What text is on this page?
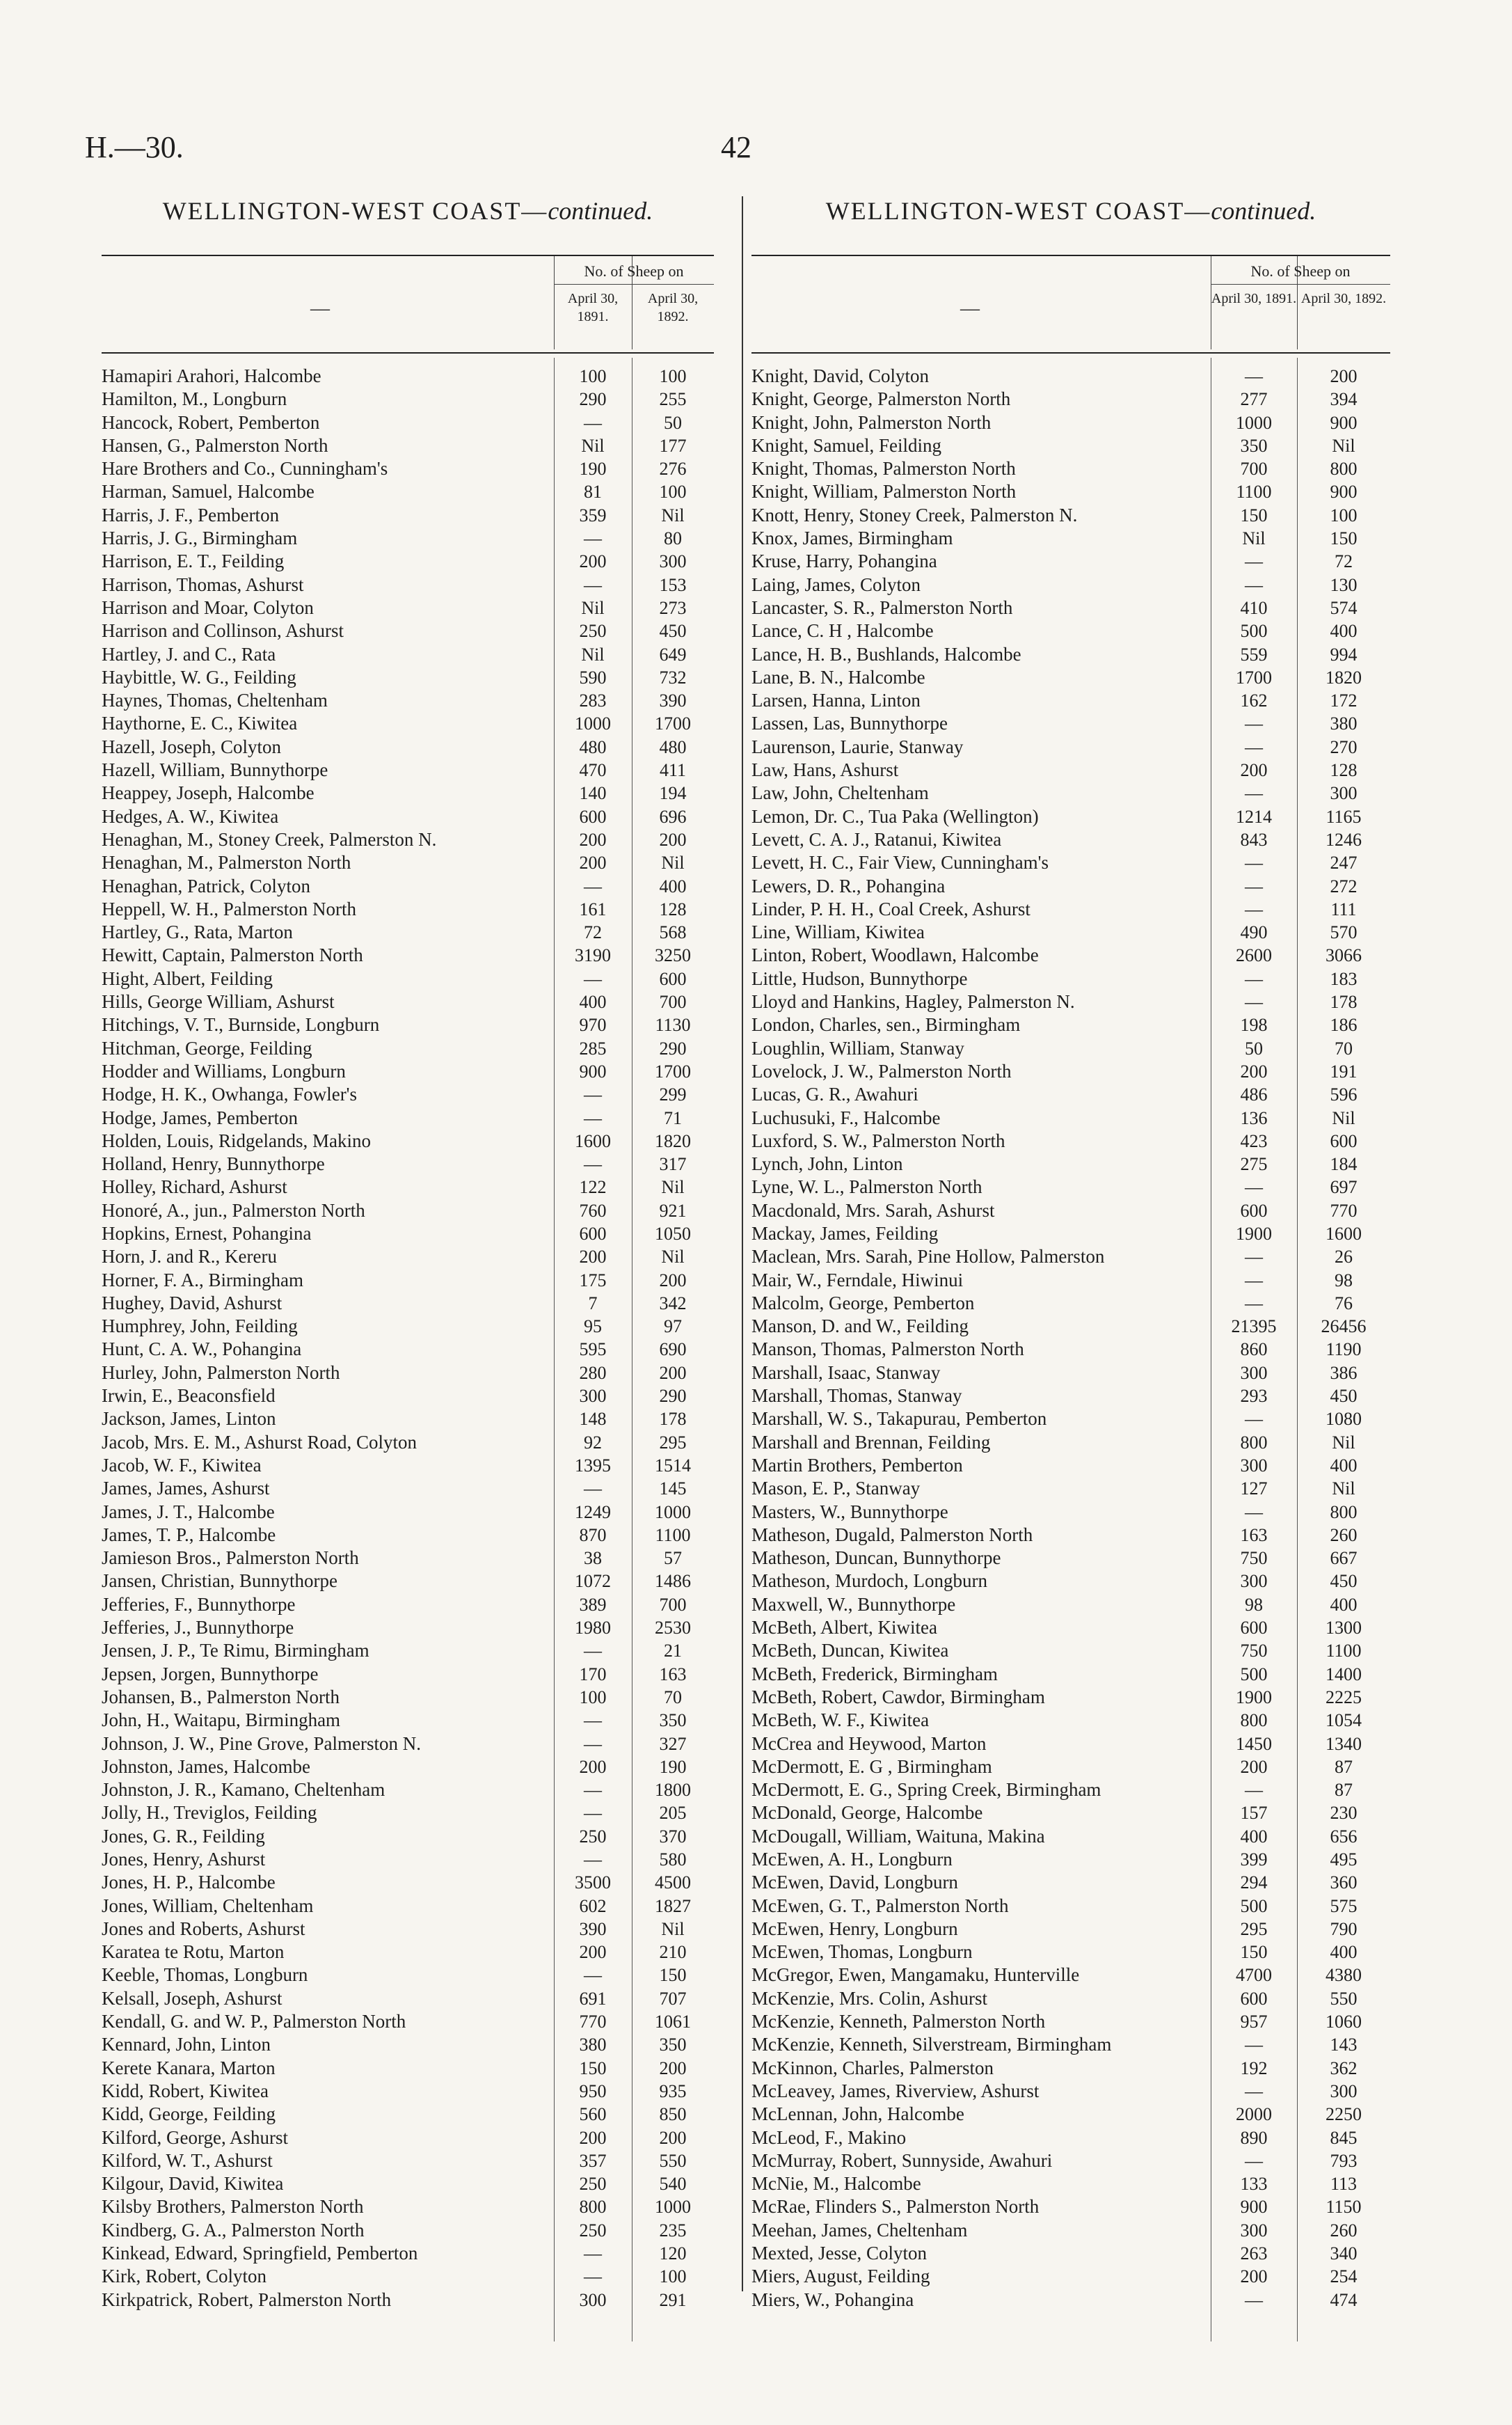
H.—30.	42
WELLINGTON-WEST COAST—continued.
—
No. of Sheep on
April 30, 1891.
April 30, 1892.
Hamapiri Arahori, Halcombe	100	100
Hamilton, M., Longburn	290	255
Hancock, Robert, Pemberton	—	50
Hansen, G., Palmerston North	Nil	177
Hare Brothers and Co., Cunningham's	190	276
Harman, Samuel, Halcombe	81	100
Harris, J. F., Pemberton	359	Nil
Harris, J. G., Birmingham	—	80
Harrison, E. T., Feilding	200	300
Harrison, Thomas, Ashurst	—	153
Harrison and Moar, Colyton	Nil	273
Harrison and Collinson, Ashurst	250	450
Hartley, J. and C., Rata	Nil	649
Haybittle, W. G., Feilding	590	732
Haynes, Thomas, Cheltenham	283	390
Haythorne, E. C., Kiwitea	1000	1700
Hazell, Joseph, Colyton	480	480
Hazell, William, Bunnythorpe	470	411
Heappey, Joseph, Halcombe	140	194
Hedges, A. W., Kiwitea	600	696
Henaghan, M., Stoney Creek, Palmerston N.	200	200
Henaghan, M., Palmerston North	200	Nil
Henaghan, Patrick, Colyton	—	400
Heppell, W. H., Palmerston North	161	128
Hartley, G., Rata, Marton	72	568
Hewitt, Captain, Palmerston North	3190	3250
Hight, Albert, Feilding	—	600
Hills, George William, Ashurst	400	700
Hitchings, V. T., Burnside, Longburn	970	1130
Hitchman, George, Feilding	285	290
Hodder and Williams, Longburn	900	1700
Hodge, H. K., Owhanga, Fowler's	—	299
Hodge, James, Pemberton	—	71
Holden, Louis, Ridgelands, Makino	1600	1820
Holland, Henry, Bunnythorpe	—	317
Holley, Richard, Ashurst	122	Nil
Honoré, A., jun., Palmerston North	760	921
Hopkins, Ernest, Pohangina	600	1050
Horn, J. and R., Kereru	200	Nil
Horner, F. A., Birmingham	175	200
Hughey, David, Ashurst	7	342
Humphrey, John, Feilding	95	97
Hunt, C. A. W., Pohangina	595	690
Hurley, John, Palmerston North	280	200
Irwin, E., Beaconsfield	300	290
Jackson, James, Linton	148	178
Jacob, Mrs. E. M., Ashurst Road, Colyton	92	295
Jacob, W. F., Kiwitea	1395	1514
James, James, Ashurst	—	145
James, J. T., Halcombe	1249	1000
James, T. P., Halcombe	870	1100
Jamieson Bros., Palmerston North	38	57
Jansen, Christian, Bunnythorpe	1072	1486
Jefferies, F., Bunnythorpe	389	700
Jefferies, J., Bunnythorpe	1980	2530
Jensen, J. P., Te Rimu, Birmingham	—	21
Jepsen, Jorgen, Bunnythorpe	170	163
Johansen, B., Palmerston North	100	70
John, H., Waitapu, Birmingham	—	350
Johnson, J. W., Pine Grove, Palmerston N.	—	327
Johnston, James, Halcombe	200	190
Johnston, J. R., Kamano, Cheltenham	—	1800
Jolly, H., Treviglos, Feilding	—	205
Jones, G. R., Feilding	250	370
Jones, Henry, Ashurst	—	580
Jones, H. P., Halcombe	3500	4500
Jones, William, Cheltenham	602	1827
Jones and Roberts, Ashurst	390	Nil
Karatea te Rotu, Marton	200	210
Keeble, Thomas, Longburn	—	150
Kelsall, Joseph, Ashurst	691	707
Kendall, G. and W. P., Palmerston North	770	1061
Kennard, John, Linton	380	350
Kerete Kanara, Marton	150	200
Kidd, Robert, Kiwitea	950	935
Kidd, George, Feilding	560	850
Kilford, George, Ashurst	200	200
Kilford, W. T., Ashurst	357	550
Kilgour, David, Kiwitea	250	540
Kilsby Brothers, Palmerston North	800	1000
Kindberg, G. A., Palmerston North	250	235
Kinkead, Edward, Springfield, Pemberton	—	120
Kirk, Robert, Colyton	—	100
Kirkpatrick, Robert, Palmerston North	300	291
WELLINGTON-WEST COAST—continued.
—
No. of Sheep on
April 30, 1891. April 30, 1892.
Knight, David, Colyton	—	200
Knight, George, Palmerston North	277	394
Knight, John, Palmerston North	1000	900
Knight, Samuel, Feilding	350	Nil
Knight, Thomas, Palmerston North	700	800
Knight, William, Palmerston North	1100	900
Knott, Henry, Stoney Creek, Palmerston N.	150	100
Knox, James, Birmingham	Nil	150
Kruse, Harry, Pohangina	—	72
Laing, James, Colyton	—	130
Lancaster, S. R., Palmerston North	410	574
Lance, C. H , Halcombe	500	400
Lance, H. B., Bushlands, Halcombe	559	994
Lane, B. N., Halcombe	1700	1820
Larsen, Hanna, Linton	162	172
Lassen, Las, Bunnythorpe	—	380
Laurenson, Laurie, Stanway	—	270
Law, Hans, Ashurst	200	128
Law, John, Cheltenham	—	300
Lemon, Dr. C., Tua Paka (Wellington)	1214	1165
Levett, C. A. J., Ratanui, Kiwitea	843	1246
Levett, H. C., Fair View, Cunningham's	—	247
Lewers, D. R., Pohangina	—	272
Linder, P. H. H., Coal Creek, Ashurst	—	111
Line, William, Kiwitea	490	570
Linton, Robert, Woodlawn, Halcombe	2600	3066
Little, Hudson, Bunnythorpe	—	183
Lloyd and Hankins, Hagley, Palmerston N.	—	178
London, Charles, sen., Birmingham	198	186
Loughlin, William, Stanway	50	70
Lovelock, J. W., Palmerston North	200	191
Lucas, G. R., Awahuri	486	596
Luchusuki, F., Halcombe	136	Nil
Luxford, S. W., Palmerston North	423	600
Lynch, John, Linton	275	184
Lyne, W. L., Palmerston North	—	697
Macdonald, Mrs. Sarah, Ashurst	600	770
Mackay, James, Feilding	1900	1600
Maclean, Mrs. Sarah, Pine Hollow, Palmerston	—	26
Mair, W., Ferndale, Hiwinui	—	98
Malcolm, George, Pemberton	—	76
Manson, D. and W., Feilding	21395	26456
Manson, Thomas, Palmerston North	860	1190
Marshall, Isaac, Stanway	300	386
Marshall, Thomas, Stanway	293	450
Marshall, W. S., Takapurau, Pemberton	—	1080
Marshall and Brennan, Feilding	800	Nil
Martin Brothers, Pemberton	300	400
Mason, E. P., Stanway	127	Nil
Masters, W., Bunnythorpe	—	800
Matheson, Dugald, Palmerston North	163	260
Matheson, Duncan, Bunnythorpe	750	667
Matheson, Murdoch, Longburn	300	450
Maxwell, W., Bunnythorpe	98	400
McBeth, Albert, Kiwitea	600	1300
McBeth, Duncan, Kiwitea	750	1100
McBeth, Frederick, Birmingham	500	1400
McBeth, Robert, Cawdor, Birmingham	1900	2225
McBeth, W. F., Kiwitea	800	1054
McCrea and Heywood, Marton	1450	1340
McDermott, E. G , Birmingham	200	87
McDermott, E. G., Spring Creek, Birmingham	—	87
McDonald, George, Halcombe	157	230
McDougall, William, Waituna, Makina	400	656
McEwen, A. H., Longburn	399	495
McEwen, David, Longburn	294	360
McEwen, G. T., Palmerston North	500	575
McEwen, Henry, Longburn	295	790
McEwen, Thomas, Longburn	150	400
McGregor, Ewen, Mangamaku, Hunterville	4700	4380
McKenzie, Mrs. Colin, Ashurst	600	550
McKenzie, Kenneth, Palmerston North	957	1060
McKenzie, Kenneth, Silverstream, Birmingham	—	143
McKinnon, Charles, Palmerston	192	362
McLeavey, James, Riverview, Ashurst	—	300
McLennan, John, Halcombe	2000	2250
McLeod, F., Makino	890	845
McMurray, Robert, Sunnyside, Awahuri	—	793
McNie, M., Halcombe	133	113
McRae, Flinders S., Palmerston North	900	1150
Meehan, James, Cheltenham	300	260
Mexted, Jesse, Colyton	263	340
Miers, August, Feilding	200	254
Miers, W., Pohangina	—	474
